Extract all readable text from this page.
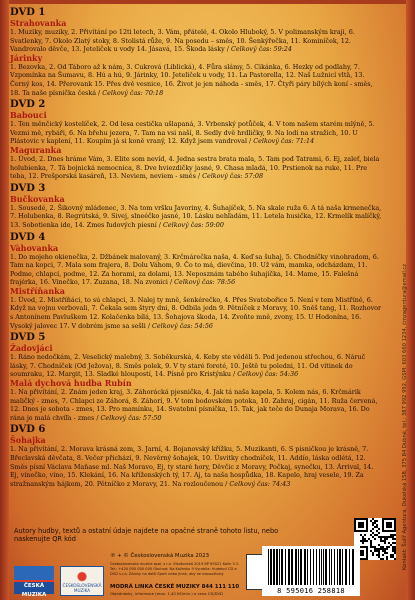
DVD 1
Strahovanka

1. Muziky, muziky, 2. Přivítání po 12ti letech, 3. Vám, přátelé, 4. Okolo Hluboký, 5. V polimanským kraji, 6. Svatlenky, 7. Okolo Zlatý stoky, 8. Stolistá růže, 9. Na posedu – směs, 10. Šenkýřečka, 11. Kominíček, 12. Vandrovalo děvče, 13. Jeteliček u vody 14. Jásavá, 15. Škoda lásky / Celkový čas: 59:24

Járinky

1. Bezovka, 2. Od Táboro až k nám, 3. Cukrová (Liblická), 4. Fůra slámy, 5. Cikánka, 6. Hezky od podlahy, 7. Vzpomínka na Šumavu, 8. Hú a hú, 9. Járinky, 10. Jeteliček u vody, 11. La Pastorella, 12. Naš Lužnicí vltä, 13. Černý kos, 14. Přerovank 15. Přes dvě vesnice, 16. Život je jen náhoda - směs, 17. Čtyři páry bílých koní - směs, 18. Ta naše písnička česká / Celkový čas: 70:18

DVD 2
Babouci

1. Ten měnčický kostelíček, 2. Od lesa cestička ušlapaná, 3. Vrbenský potůček, 4. V tom našem starém mlýně, 5. Vezmi mě, rybáři, 6. Na břehu jezera, 7. Tam na vsi naší, 8. Sedly dvě hrdličky, 9. Na lodi na stražích, 10. U Plástovic v kaplení, 11. Koupím já si koně vraný, 12. Když jsem vandroval / Celkový čas: 71:14

Maguranka

1. Úvod, 2. Dnes hráme Vám, 3. Elite som nevíd, 4. Jedna sestra brata mala, 5. Tam pod Tatrami, 6. Ej, zaleť, biela holubienka, 7. Tá bojnická nemocnica, 8. Dve hviezdičky jasné, 9. Chasa mladá, 10. Prstienok na ruke, 11. Pre teba, 12. Prešporská kasáreň, 13. Neviem, neviem - směs / Celkový čas: 57:08

DVD 3
Bučkovanka

1. Sousedé, 2. Šikovný mládenec, 3. Na tom vršku Javoriny, 4. Šuhajíček, 5. Na skale ruža 6. A tá naša krmenečka, 7. Holubenka, 8. Regrútská, 9. Sivej, slneéčko jasné, 10. Lásku nehľadám, 11. Letela husička, 12. Krmelík malíčký, 13. Sobotienka ide, 14. Zmes ľudových piesní / Celkový čas: 59:00

DVD 4
Vàhovanka

1. Do mojeho okienečka, 2. Džbánek malovaný, 3. Krčmárečka naša, 4. Keď sa šuhaj, 5. Chodníčky vinohradom, 6. Tam na kopci, 7. Mala som frajera, 8. Dolu Váhom, 9. Čo to má, dievčina, 10. Už vám, mamka, odcházdam, 11. Podme, chlapci, podme, 12. Za horami, za dolami, 13. Neposznám tabého šuhajíčka, 14. Mame, 15. Falešná frajérka, 16. Vinečko, 17. Zuzana, 18. Na zvonici / Celkový čas: 78:56

Mistříňanka

1. Úvod, 2. Mistříňáci, to sú chlapci, 3. Nalej ty mně, šenkérečko, 4. Přes Svatobořice 5. Není v tem Mistříně, 6. Když na vojnu verbovali, 7. Čekala sem štyry dni, 8. Odbila jedn 9. Pětníček z Moravy, 10. Sněš tang, 11. Rozhovor s Antonínem Pavluškem 12. Kolačenka bílá, 13. Šohajova škoda, 14. Zvoňte mně, zvony, 15. U Hodonína, 16. Vysoký jalovec 17. V dobrém jsme sa sešli / Celkový čas: 54:56

DVD 5
Žadovjáci

1. Ráno nedočkám, 2. Veselický malebný, 3. Soběkurská, 4. Keby ste věděli 5. Pod jedenou střechou, 6. Náruč lásky, 7. Chodníček (Od Ježova), 8. Směs polek, 9. V ty staré foreté, 10. Ještě tu poledni, 11. Od vitinek do soumraku, 12. Margit, 13. Sladké hloupostí, 14. Písně pro Kristýnku / Celkový čas: 54:36

Malá dychová hudba Rubín

1. Na přivítání, 2. Znám jeden kraj, 3. Záhorácká pjesnička, 4. Jak tá naša kapela, 5. Kolem nás, 6. Krčmárik maličký - zmes, 7. Chlapci ze Záhorá, 8. Záhorí, 9. V tom bodovském potoka, 10. Zahraj, cigán, 11. Ruža červená, 12. Dnes je sobota - zmes, 13. Pro mamínku, 14. Svatební písnička, 15. Tak, jak teče do Dunaja Morava, 16. Do ránа je malá chvíľa - zmes / Celkový čas: 57:50

DVD 6
Šohajka

1. Na přivítání, 2. Morava krásná zem, 3. Jarní, 4. Bojanovský křížku, 5. Muzikanti, 6. S písničkou je krásně, 7. Břeclavská děvčata, 8. Večer přichází, 9. Nevěrný šohajek, 10. Úsvitky chodníček, 11. Addío, láska odlétá, 12. Směs písní Václava Maňase ml. Naš Moravo, Ej, ty staré hory, Děvčic z Moravy, Počkaj, synečku, 13. Árrival, 14. Ej, vínečko, víno, 15. Klekání, 16. Na kříženských tý, 17. Aj, ta naša hospůdka, 18. Kapelo, hraj vesele, 19. Za stražnanským hájkem, 20. Pětníčko z Moravy, 21. Na rozloučenou / Celkový čas: 74:43	Kontakt: Šulíř Agentura, Dukelská 158, 375 84 Dubné, tel.: 387 992 992, GSM: 603 660 1234, čmzagentura@email.cz
Autory hudby, textů a ostatní údaje najdete na opačné straně tohoto listu, nebo naskenujte QR kód
ČESKÁ MUZIKA
ČESKOSLOVENSKÁ MUZIKA
℗ + © Československá Muzika 2023
Československá muzika spol. s r.o. Vlkošovská 2019 BP 65021 Kolín 3 2. Tel.: +420 000 000 000 Obchod: Na Kolínsku 9 Vyrobila: Hudební CD a DVD s.r.o. Zálohy na další Sport nebo jinak, aby se nepoužívaly
MODRÁ LINKA ČESKÉ MUZIKY 844 111 110
Objednávky, informace (max. 1,40 Kč/min.) a cena CD/DVD	8 595016 258818
